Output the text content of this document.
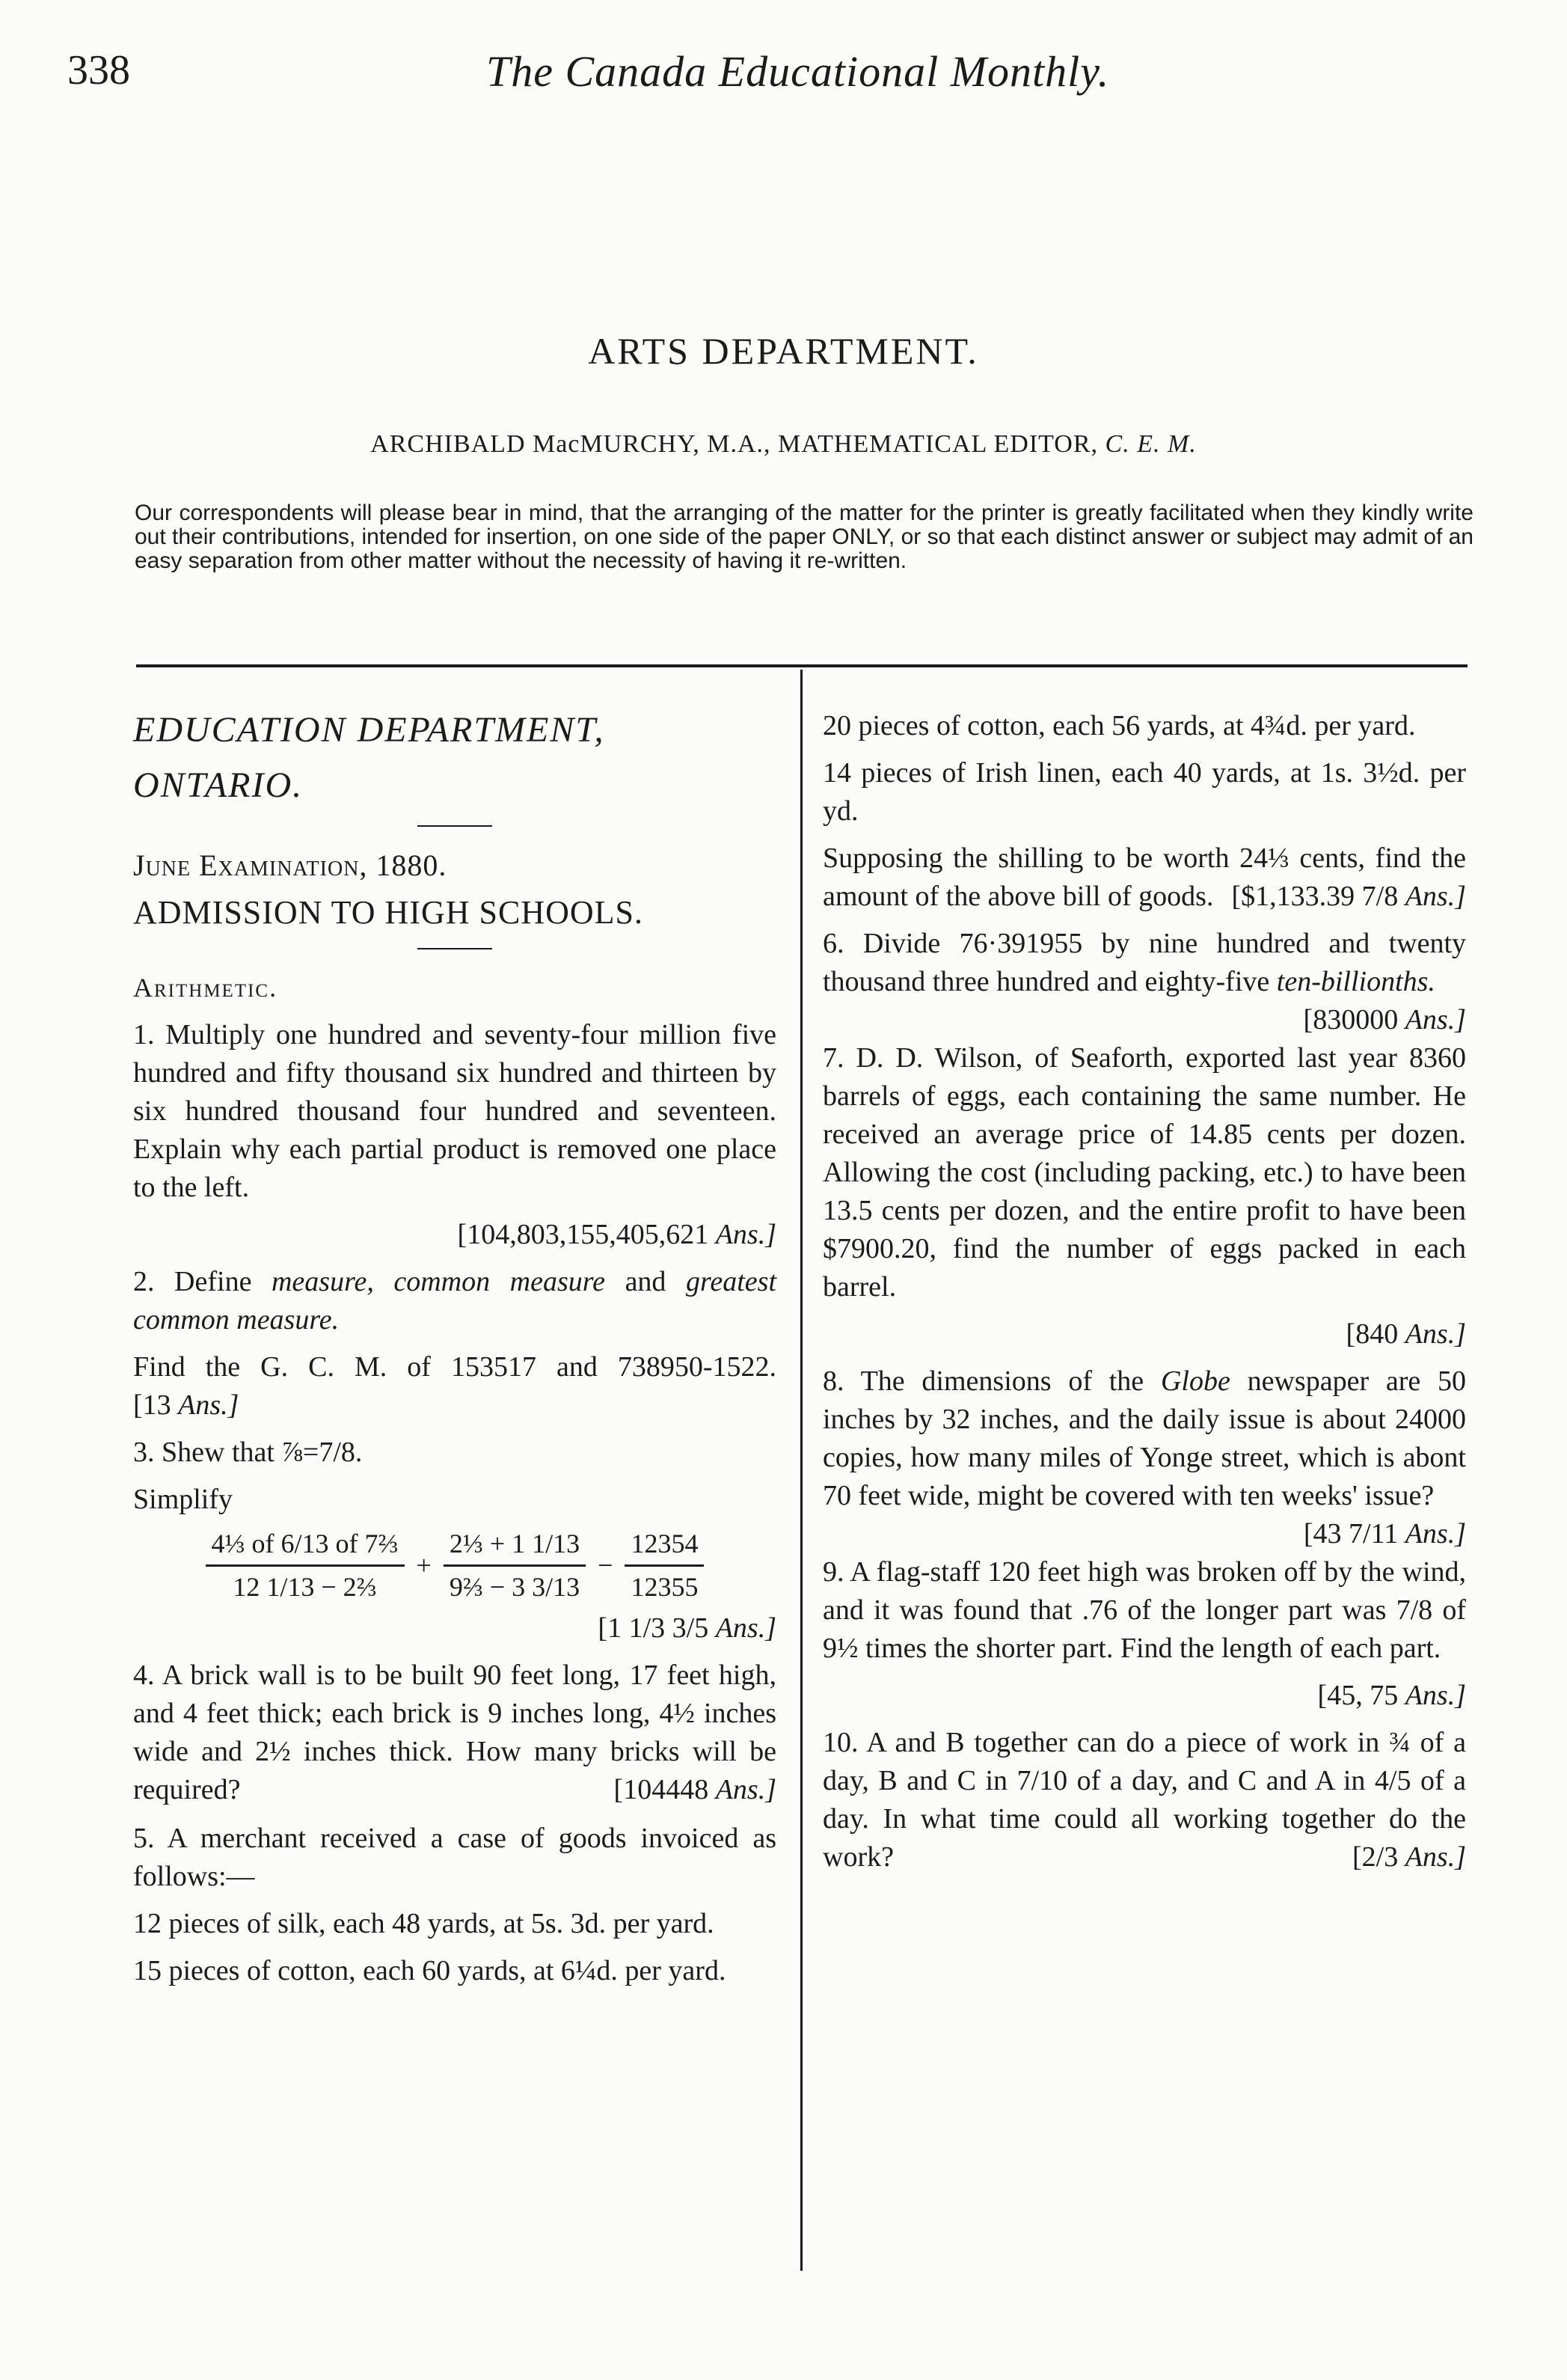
338	The Canada Educational Monthly.
ARTS DEPARTMENT.
ARCHIBALD MacMURCHY, M.A., MATHEMATICAL EDITOR, C. E. M.
Our correspondents will please bear in mind, that the arranging of the matter for the printer is greatly facilitated when they kindly write out their contributions, intended for insertion, on one side of the paper ONLY, or so that each distinct answer or subject may admit of an easy separation from other matter without the necessity of having it re-written.

EDUCATION DEPARTMENT,

ONTARIO.

June Examination, 1880.

ADMISSION TO HIGH SCHOOLS.

Arithmetic.

1. Multiply one hundred and seventy-four million five hundred and fifty thousand six hundred and thirteen by six hundred thousand four hundred and seventeen. Explain why each partial product is removed one place to the left.

[104,803,155,405,621 Ans.]

2. Define measure, common measure and greatest common measure.

Find the G. C. M. of 153517 and 738950-1522. [13 Ans.]

3. Shew that ⅞=7/8.

Simplify

$\frac{\text{4⅓ of 6/13 of 7⅔}}{\text{12 1/13 − 2⅔}} + \frac{\text{2⅓ + 1 1/13}}{\text{9⅔ − 3 3/13}} - \frac{12354}{12355}$

[1 1/3 3/5 Ans.]

4. A brick wall is to be built 90 feet long, 17 feet high, and 4 feet thick; each brick is 9 inches long, 4½ inches wide and 2½ inches thick. How many bricks will be required?	[104448 Ans.]

5. A merchant received a case of goods invoiced as follows:—

12 pieces of silk, each 48 yards, at 5s. 3d. per yard.

15 pieces of cotton, each 60 yards, at 6¼d. per yard.

20 pieces of cotton, each 56 yards, at 4¾d. per yard.

14 pieces of Irish linen, each 40 yards, at 1s. 3½d. per yd.

Supposing the shilling to be worth 24⅓ cents, find the amount of the above bill of goods. [$1,133.39 7/8 Ans.]

6. Divide 76·391955 by nine hundred and twenty thousand three hundred and eighty-five ten-billionths.
[830000 Ans.]

7. D. D. Wilson, of Seaforth, exported last year 8360 barrels of eggs, each containing the same number. He received an average price of 14.85 cents per dozen. Allowing the cost (including packing, etc.) to have been 13.5 cents per dozen, and the entire profit to have been $7900.20, find the number of eggs packed in each barrel.

[840 Ans.]

8. The dimensions of the Globe newspaper are 50 inches by 32 inches, and the daily issue is about 24000 copies, how many miles of Yonge street, which is abont 70 feet wide, might be covered with ten weeks' issue?
[43 7/11 Ans.]

9. A flag-staff 120 feet high was broken off by the wind, and it was found that .76 of the longer part was 7/8 of 9½ times the shorter part. Find the length of each part.

[45, 75 Ans.]

10. A and B together can do a piece of work in ¾ of a day, B and C in 7/10 of a day, and C and A in 4/5 of a day. In what time could all working together do the work?	[2/3 Ans.]
